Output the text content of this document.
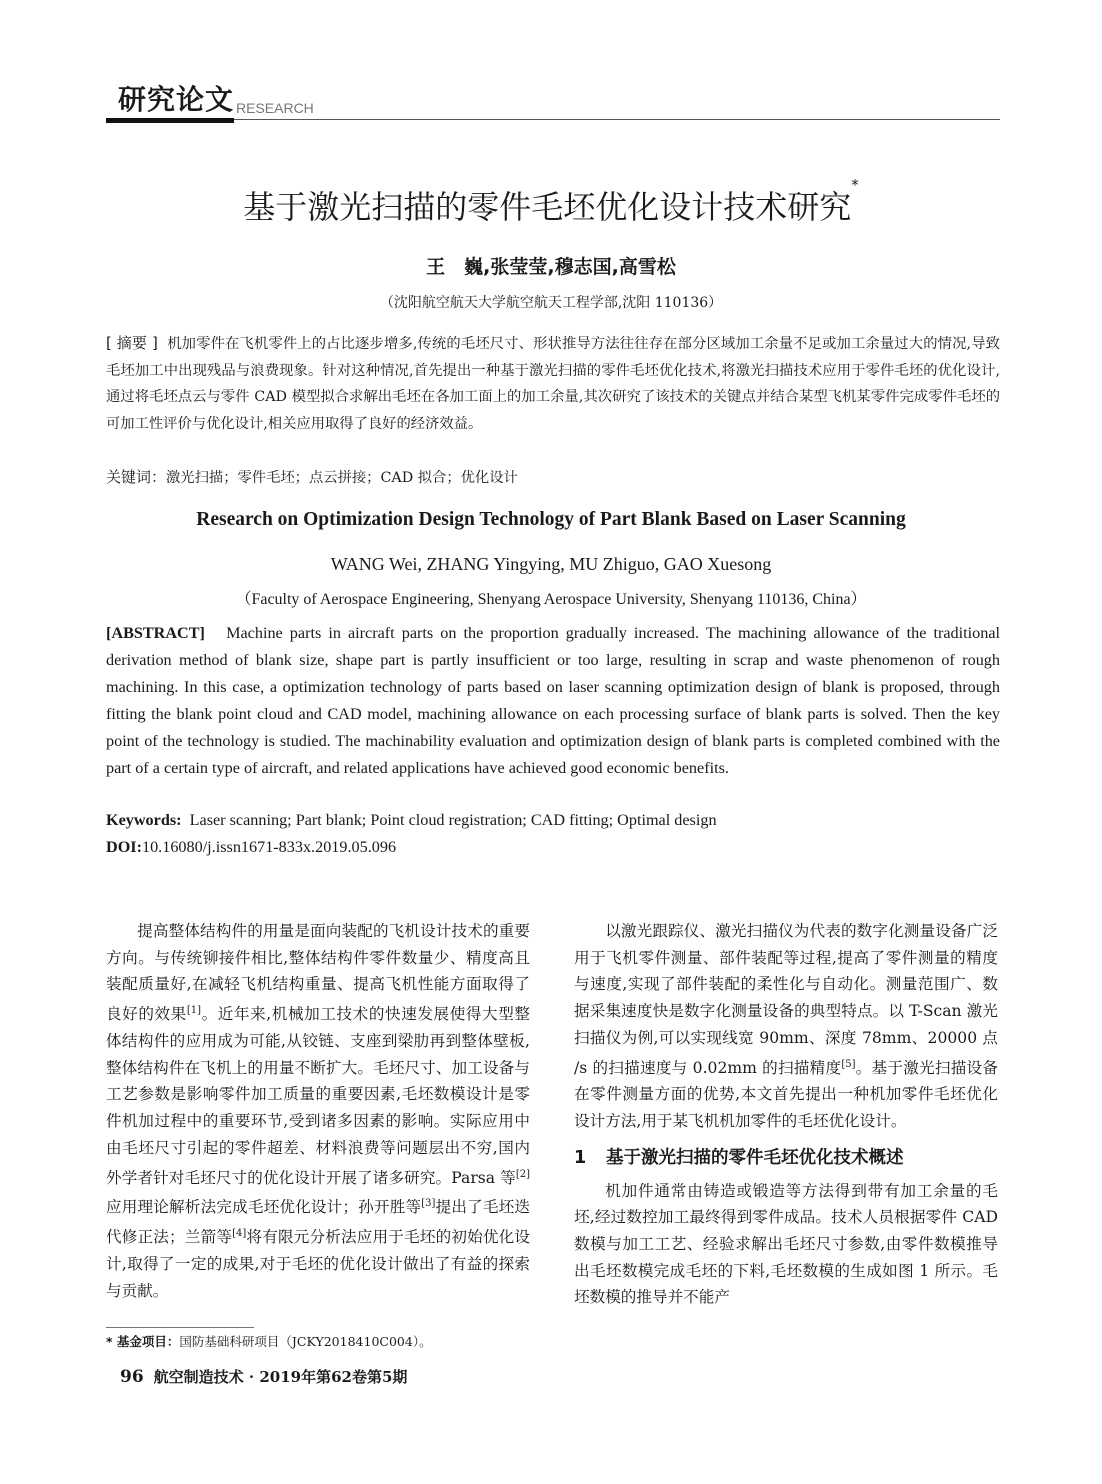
研究论文 RESEARCH
基于激光扫描的零件毛坯优化设计技术研究*
王　巍,张莹莹,穆志国,高雪松
（沈阳航空航天大学航空航天工程学部,沈阳 110136）
[ 摘要 ] 机加零件在飞机零件上的占比逐步增多,传统的毛坯尺寸、形状推导方法往往存在部分区域加工余量不足或加工余量过大的情况,导致毛坯加工中出现残品与浪费现象。针对这种情况,首先提出一种基于激光扫描的零件毛坯优化技术,将激光扫描技术应用于零件毛坯的优化设计,通过将毛坯点云与零件 CAD 模型拟合求解出毛坯在各加工面上的加工余量,其次研究了该技术的关键点并结合某型飞机某零件完成零件毛坯的可加工性评价与优化设计,相关应用取得了良好的经济效益。
关键词：激光扫描；零件毛坯；点云拼接；CAD 拟合；优化设计
Research on Optimization Design Technology of Part Blank Based on Laser Scanning
WANG Wei, ZHANG Yingying, MU Zhiguo, GAO Xuesong
（Faculty of Aerospace Engineering, Shenyang Aerospace University, Shenyang 110136, China）
[ABSTRACT] Machine parts in aircraft parts on the proportion gradually increased. The machining allowance of the traditional derivation method of blank size, shape part is partly insufficient or too large, resulting in scrap and waste phenomenon of rough machining. In this case, a optimization technology of parts based on laser scanning optimization design of blank is proposed, through fitting the blank point cloud and CAD model, machining allowance on each processing surface of blank parts is solved. Then the key point of the technology is studied. The machinability evaluation and optimization design of blank parts is completed combined with the part of a certain type of aircraft, and related applications have achieved good economic benefits.
Keywords: Laser scanning; Part blank; Point cloud registration; CAD fitting; Optimal design
DOI:10.16080/j.issn1671-833x.2019.05.096

提高整体结构件的用量是面向装配的飞机设计技术的重要方向。与传统铆接件相比,整体结构件零件数量少、精度高且装配质量好,在减轻飞机结构重量、提高飞机性能方面取得了良好的效果[1]。近年来,机械加工技术的快速发展使得大型整体结构件的应用成为可能,从铰链、支座到梁肋再到整体壁板,整体结构件在飞机上的用量不断扩大。毛坯尺寸、加工设备与工艺参数是影响零件加工质量的重要因素,毛坯数模设计是零件机加过程中的重要环节,受到诸多因素的影响。实际应用中由毛坯尺寸引起的零件超差、材料浪费等问题层出不穷,国内外学者针对毛坯尺寸的优化设计开展了诸多研究。Parsa 等[2]应用理论解析法完成毛坯优化设计；孙开胜等[3]提出了毛坯迭代修正法；兰箭等[4]将有限元分析法应用于毛坯的初始优化设计,取得了一定的成果,对于毛坯的优化设计做出了有益的探索与贡献。

以激光跟踪仪、激光扫描仪为代表的数字化测量设备广泛用于飞机零件测量、部件装配等过程,提高了零件测量的精度与速度,实现了部件装配的柔性化与自动化。测量范围广、数据采集速度快是数字化测量设备的典型特点。以 T-Scan 激光扫描仪为例,可以实现线宽 90mm、深度 78mm、20000 点 /s 的扫描速度与 0.02mm 的扫描精度[5]。基于激光扫描设备在零件测量方面的优势,本文首先提出一种机加零件毛坯优化设计方法,用于某飞机机加零件的毛坯优化设计。

1 基于激光扫描的零件毛坯优化技术概述

机加件通常由铸造或锻造等方法得到带有加工余量的毛坯,经过数控加工最终得到零件成品。技术人员根据零件 CAD 数模与加工工艺、经验求解出毛坯尺寸参数,由零件数模推导出毛坯数模完成毛坯的下料,毛坯数模的生成如图 1 所示。毛坯数模的推导并不能产

* 基金项目：国防基础科研项目（JCKY2018410C004）。
96 航空制造技术 · 2019年第62卷第5期
